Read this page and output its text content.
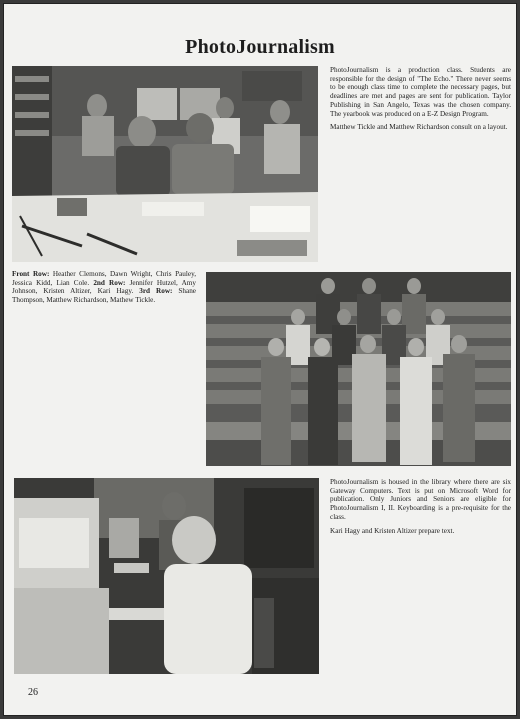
PhotoJournalism

PhotoJournalism is a production class. Students are responsible for the design of "The Echo." There never seems to be enough class time to complete the necessary pages, but deadlines are met and pages are sent for publication. Taylor Publishing in San Angelo, Texas was the chosen company. The yearbook was produced on a E-Z Design Program.

Matthew Tickle and Matthew Richardson consult on a layout.

Front Row: Heather Clemons, Dawn Wright, Chris Pauley, Jessica Kidd, Lian Cole. 2nd Row: Jennifer Hutzel, Amy Johnson, Kristen Altizer, Kari Hagy. 3rd Row: Shane Thompson, Matthew Richardson, Mathew Tickle.

PhotoJournalism is housed in the library where there are six Gateway Computers. Text is put on Microsoft Word for publication. Only Juniors and Seniors are eligible for PhotoJournalism I, II. Keyboarding is a pre-requisite for the class.

Kari Hagy and Kristen Altizer prepare text.

26
